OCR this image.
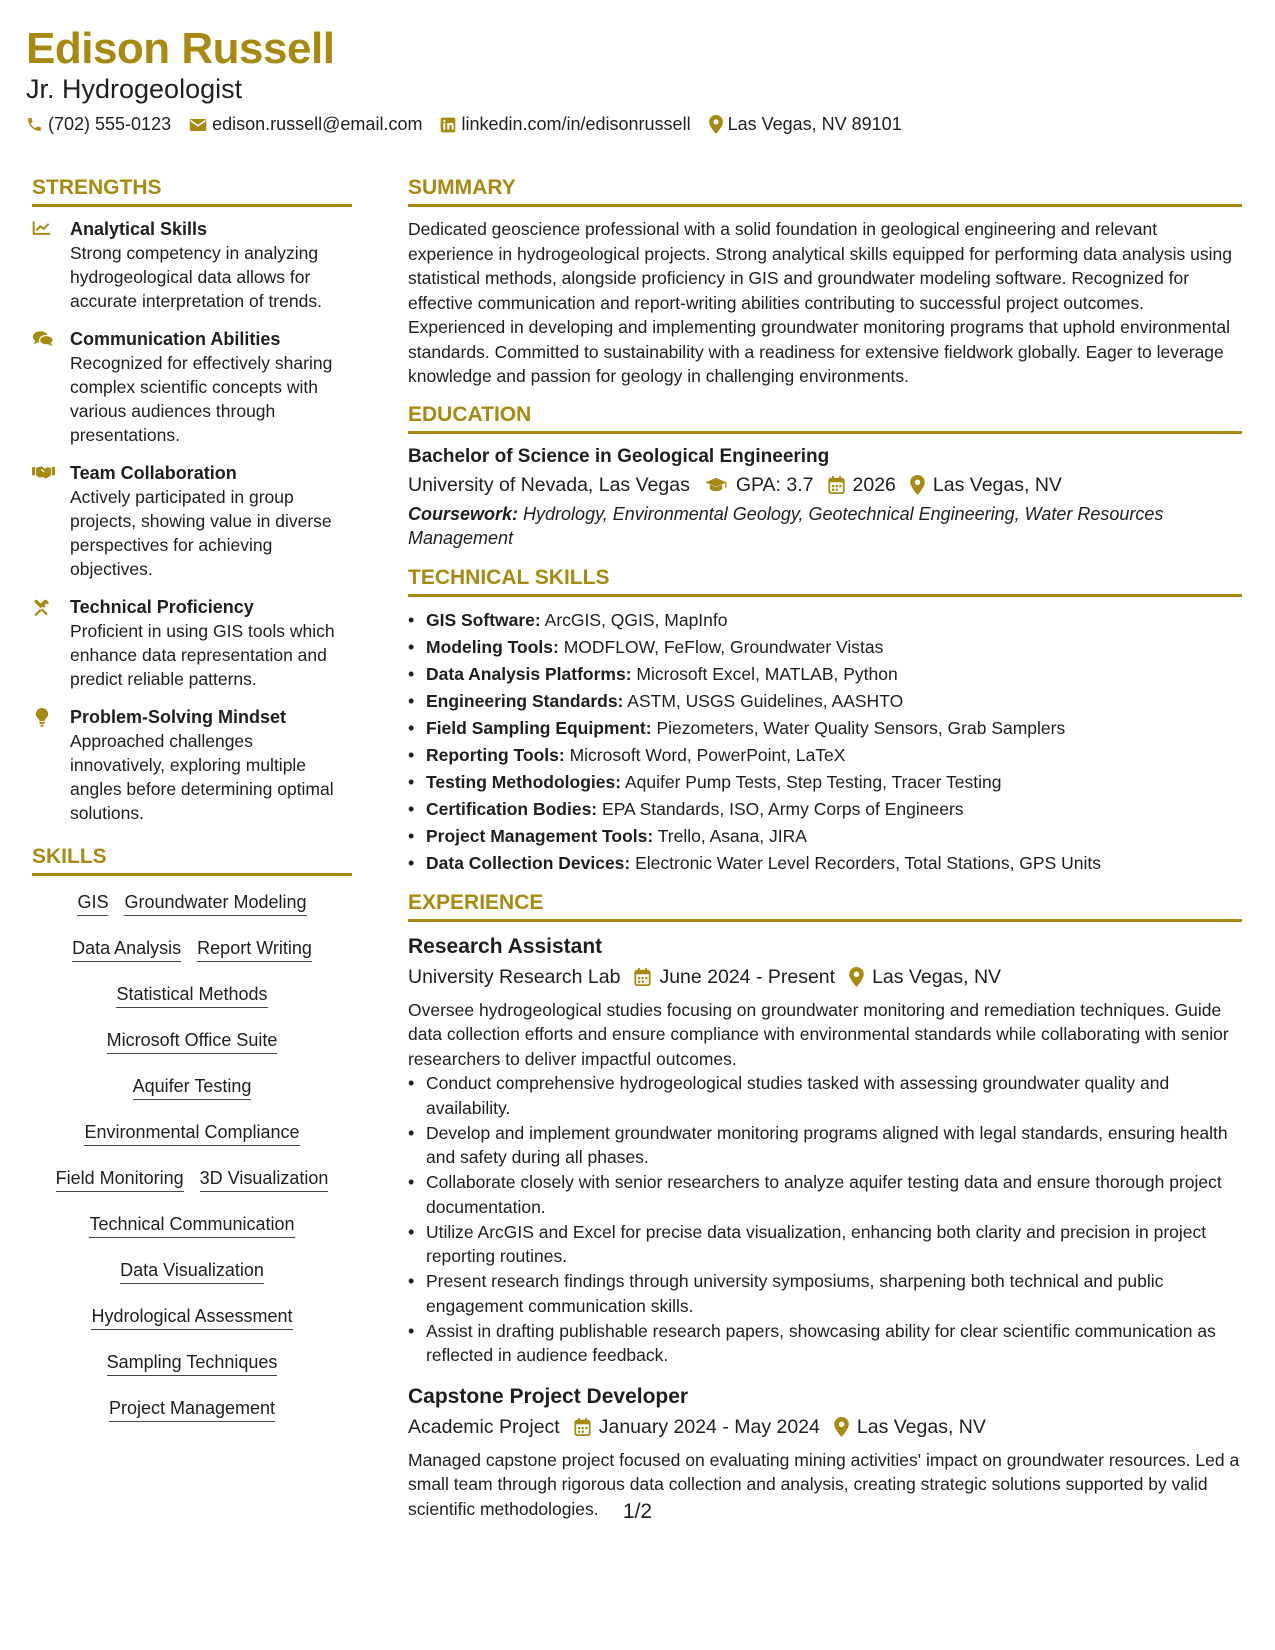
Edison Russell
Jr. Hydrogeologist
(702) 555-0123 edison.russell@email.com linkedin.com/in/edisonrussell Las Vegas, NV 89101
STRENGTHS
Analytical Skills
Strong competency in analyzing hydrogeological data allows for accurate interpretation of trends.
Communication Abilities
Recognized for effectively sharing complex scientific concepts with various audiences through presentations.
Team Collaboration
Actively participated in group projects, showing value in diverse perspectives for achieving objectives.
Technical Proficiency
Proficient in using GIS tools which enhance data representation and predict reliable patterns.
Problem-Solving Mindset
Approached challenges innovatively, exploring multiple angles before determining optimal solutions.
SKILLS
GIS Groundwater Modeling
Data Analysis Report Writing
Statistical Methods
Microsoft Office Suite
Aquifer Testing
Environmental Compliance
Field Monitoring 3D Visualization
Technical Communication
Data Visualization
Hydrological Assessment
Sampling Techniques
Project Management
SUMMARY
Dedicated geoscience professional with a solid foundation in geological engineering and relevant experience in hydrogeological projects. Strong analytical skills equipped for performing data analysis using statistical methods, alongside proficiency in GIS and groundwater modeling software. Recognized for effective communication and report-writing abilities contributing to successful project outcomes. Experienced in developing and implementing groundwater monitoring programs that uphold environmental standards. Committed to sustainability with a readiness for extensive fieldwork globally. Eager to leverage knowledge and passion for geology in challenging environments.
EDUCATION
Bachelor of Science in Geological Engineering
University of Nevada, Las Vegas GPA: 3.7 2026 Las Vegas, NV
Coursework: Hydrology, Environmental Geology, Geotechnical Engineering, Water Resources Management
TECHNICAL SKILLS
• GIS Software: ArcGIS, QGIS, MapInfo
• Modeling Tools: MODFLOW, FeFlow, Groundwater Vistas
• Data Analysis Platforms: Microsoft Excel, MATLAB, Python
• Engineering Standards: ASTM, USGS Guidelines, AASHTO
• Field Sampling Equipment: Piezometers, Water Quality Sensors, Grab Samplers
• Reporting Tools: Microsoft Word, PowerPoint, LaTeX
• Testing Methodologies: Aquifer Pump Tests, Step Testing, Tracer Testing
• Certification Bodies: EPA Standards, ISO, Army Corps of Engineers
• Project Management Tools: Trello, Asana, JIRA
• Data Collection Devices: Electronic Water Level Recorders, Total Stations, GPS Units
EXPERIENCE
Research Assistant
University Research Lab June 2024 - Present Las Vegas, NV
Oversee hydrogeological studies focusing on groundwater monitoring and remediation techniques. Guide data collection efforts and ensure compliance with environmental standards while collaborating with senior researchers to deliver impactful outcomes.
• Conduct comprehensive hydrogeological studies tasked with assessing groundwater quality and availability.
• Develop and implement groundwater monitoring programs aligned with legal standards, ensuring health and safety during all phases.
• Collaborate closely with senior researchers to analyze aquifer testing data and ensure thorough project documentation.
• Utilize ArcGIS and Excel for precise data visualization, enhancing both clarity and precision in project reporting routines.
• Present research findings through university symposiums, sharpening both technical and public engagement communication skills.
• Assist in drafting publishable research papers, showcasing ability for clear scientific communication as reflected in audience feedback.
Capstone Project Developer
Academic Project January 2024 - May 2024 Las Vegas, NV
Managed capstone project focused on evaluating mining activities' impact on groundwater resources. Led a small team through rigorous data collection and analysis, creating strategic solutions supported by valid scientific methodologies.	1/2
